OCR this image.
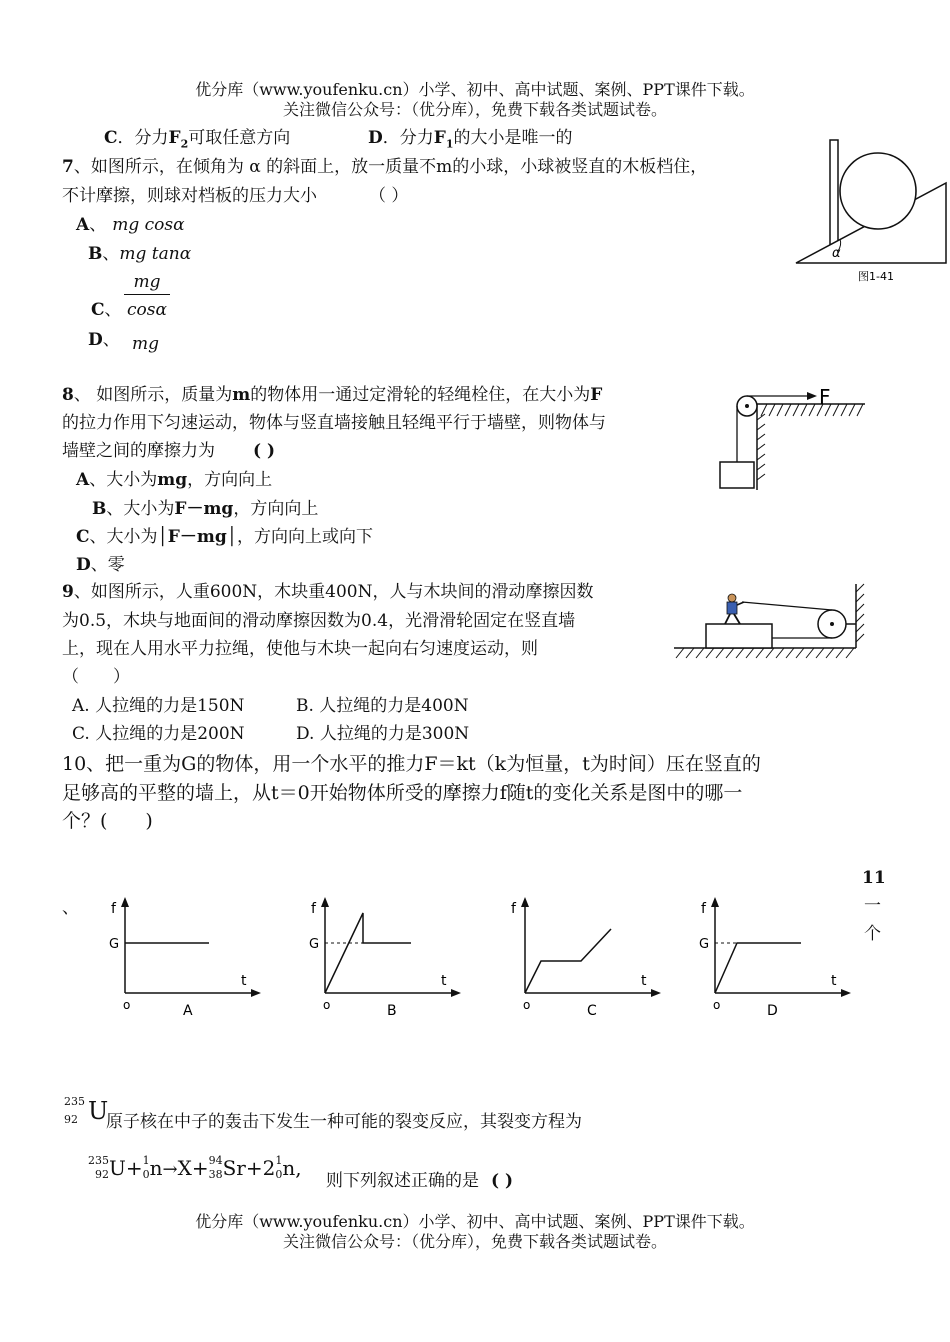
优分库（www.youfenku.cn）小学、初中、高中试题、案例、PPT课件下载。
关注微信公众号：（优分库），免费下载各类试题试卷。
C．分力$F_2$可取任意方向	D．分力$F_1$的大小是唯一的
7、如图所示，在倾角为 α 的斜面上，放一质量不m的小球，小球被竖直的木板档住，
不计摩擦，则球对档板的压力大小	（ ）
A、 mg cosα
B、mg tanα
C、
mg
cosα
D、 mg
α
图1-41
8、 如图所示，质量为m的物体用一通过定滑轮的轻绳栓住，在大小为F
的拉力作用下匀速运动，物体与竖直墙接触且轻绳平行于墙壁，则物体与
墙壁之间的摩擦力为 ( )
A、大小为mg，方向向上
B、大小为F－mg，方向向上
C、大小为│F－mg│，方向向上或向下
D、零
F
9、如图所示，人重600N，木块重400N，人与木块间的滑动摩擦因数
为0.5，木块与地面间的滑动摩擦因数为0.4，光滑滑轮固定在竖直墙
上，现在人用水平力拉绳，使他与木块一起向右匀速度运动，则
（　　）
A. 人拉绳的力是150N	B. 人拉绳的力是400N
C. 人拉绳的力是200N	D. 人拉绳的力是300N
10、把一重为G的物体，用一个水平的推力F＝kt（k为恒量，t为时间）压在竖直的
足够高的平整的墙上，从t＝0开始物体所受的摩擦力f随t的变化关系是图中的哪一
个？(　　)
11
一
个
、 f
G
t
o	A
f
G
t
o	B
f
t
o	C
f
G
t
o	D
235
92 U
原子核在中子的轰击下发生一种可能的裂变反应，其裂变方程为
235
92 U+ 1
0 n→X+ 94
38 Sr+2 1
0 n,
则下列叙述正确的是 ( )
优分库（www.youfenku.cn）小学、初中、高中试题、案例、PPT课件下载。
关注微信公众号：（优分库），免费下载各类试题试卷。
